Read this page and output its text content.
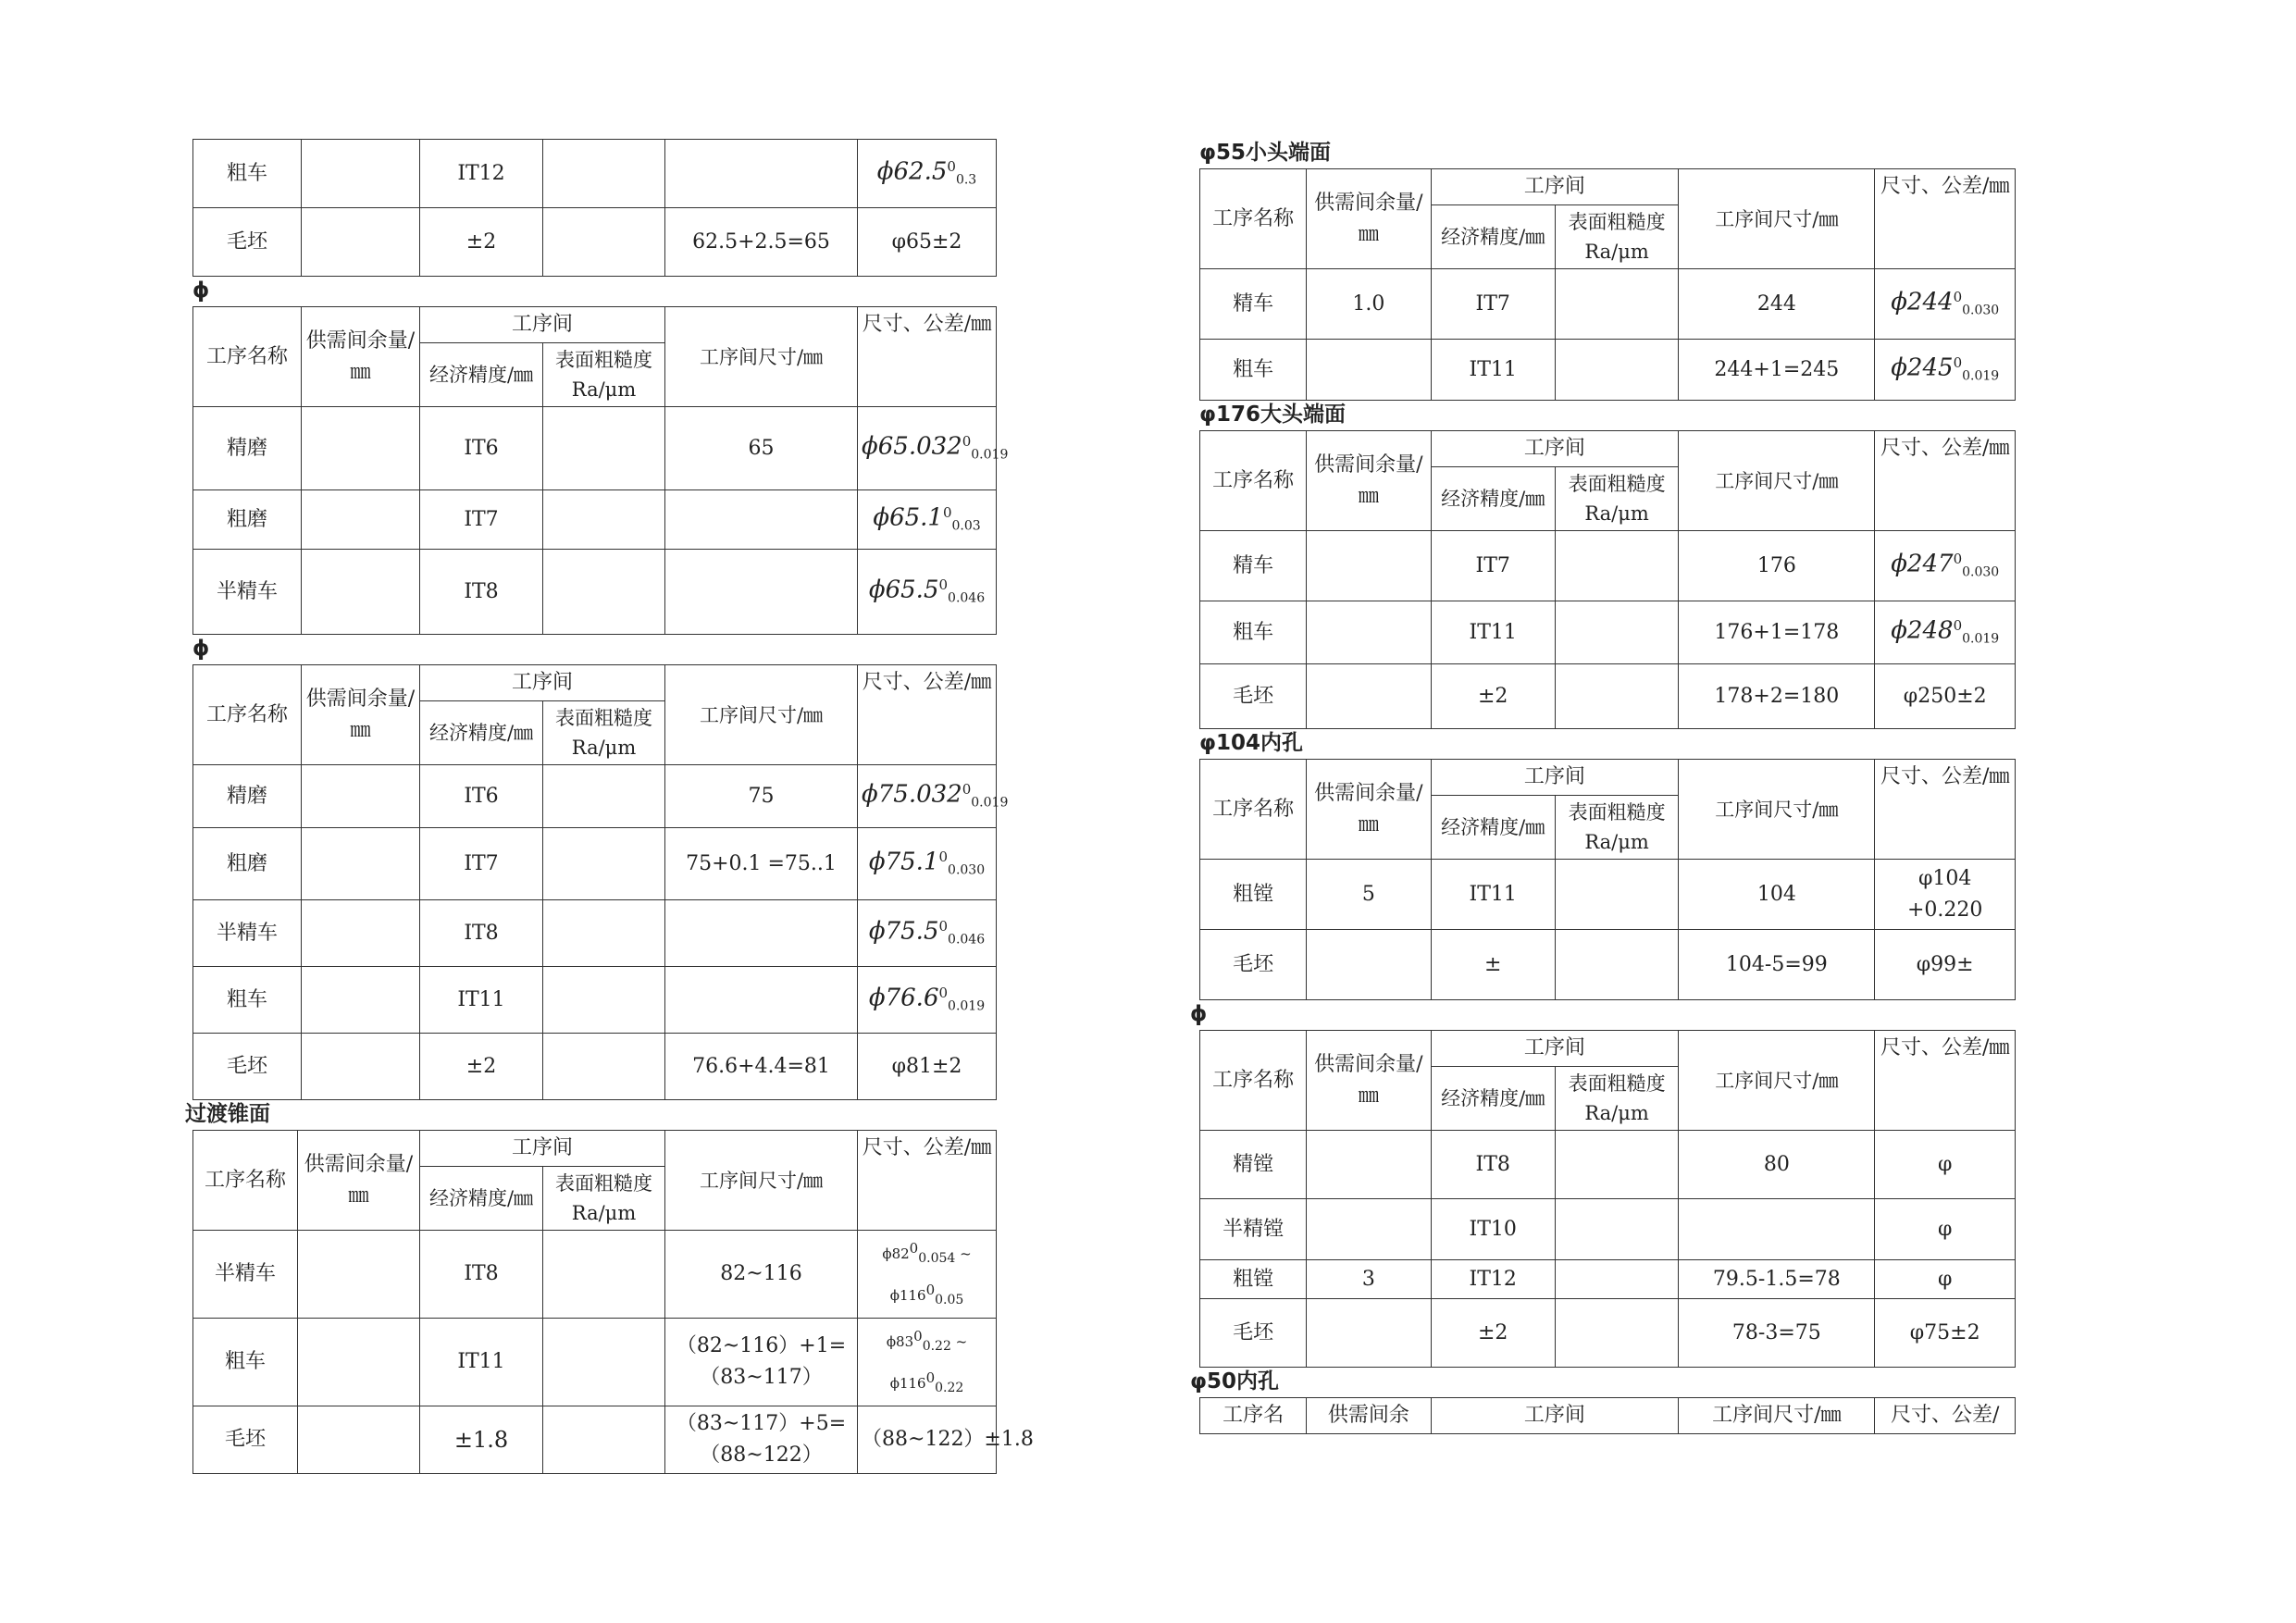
粗车		IT12			$\phi 62.5^0_{0.3}$
毛坯		±2		62.5+2.5=65	φ65±2
ϕ
工序名称	供需间余量/㎜	工序间		工序间尺寸/㎜	尺寸、公差/㎜
		经济精度/㎜	表面粗糙度Ra/μm		
精磨		IT6		65	$\phi 65.032^0_{0.019}$
粗磨		IT7			$\phi 65.1^0_{0.03}$
半精车		IT8			$\phi 65.5^0_{0.046}$
ϕ
工序名称	供需间余量/㎜	工序间		工序间尺寸/㎜	尺寸、公差/㎜
		经济精度/㎜	表面粗糙度Ra/μm		
精磨		IT6		75	$\phi 75.032^0_{0.019}$
粗磨		IT7		75+0.1 =75..1	$\phi 75.1^0_{0.030}$
半精车		IT8			$\phi 75.5^0_{0.046}$
粗车		IT11			$\phi 76.6^0_{0.019}$
毛坯		±2		76.6+4.4=81	φ81±2
过渡锥面
工序名称	供需间余量/㎜	工序间		工序间尺寸/㎜	尺寸、公差/㎜
		经济精度/㎜	表面粗糙度Ra/μm		
半精车		IT8		82~116	$\phi 82^0_{0.054}$ ~ $\phi 116^0_{0.05}$
粗车		IT11		（82~116）+1=（83~117）	$\phi 83^0_{0.22}$ ~ $\phi 116^0_{0.22}$
毛坯		±1.8		（83~117）+5=（88~122）	（88~122）±1.8
φ55小头端面
工序名称	供需间余量/㎜	工序间		工序间尺寸/㎜	尺寸、公差/㎜
		经济精度/㎜	表面粗糙度Ra/μm		
精车	1.0	IT7		244	$\phi 244^0_{0.030}$
粗车		IT11		244+1=245	$\phi 245^0_{0.019}$
φ176大头端面
工序名称	供需间余量/㎜	工序间		工序间尺寸/㎜	尺寸、公差/㎜
		经济精度/㎜	表面粗糙度Ra/μm		
精车		IT7		176	$\phi 247^0_{0.030}$
粗车		IT11		176+1=178	$\phi 248^0_{0.019}$
毛坯		±2		178+2=180	φ250±2
φ104内孔
工序名称	供需间余量/㎜	工序间		工序间尺寸/㎜	尺寸、公差/㎜
		经济精度/㎜	表面粗糙度Ra/μm		
粗镗	5	IT11		104	φ104　+0.220
毛坯		±		104-5=99	φ99±
ϕ
工序名称	供需间余量/㎜	工序间		工序间尺寸/㎜	尺寸、公差/㎜
		经济精度/㎜	表面粗糙度Ra/μm		
精镗		IT8		80	φ
半精镗		IT10			φ
粗镗	3	IT12		79.5-1.5=78	φ
毛坯		±2		78-3=75	φ75±2
φ50内孔
工序名	供需间余	工序间	工序间尺寸/㎜	尺寸、公差/
